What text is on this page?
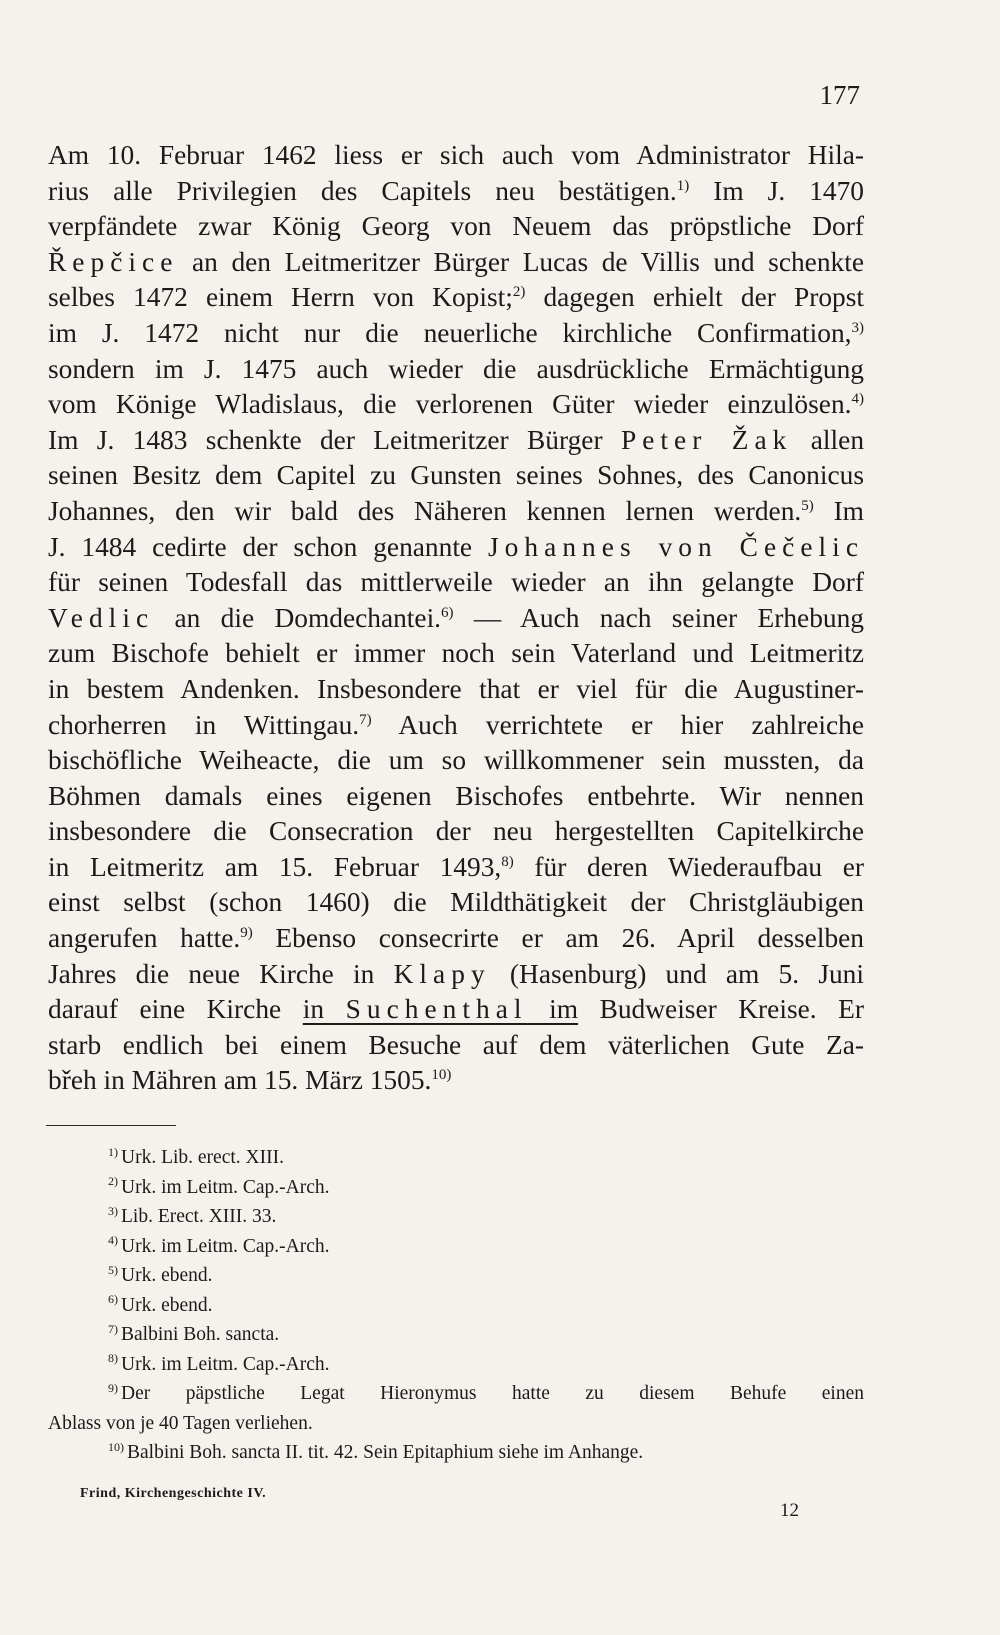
177
Am 10. Februar 1462 liess er sich auch vom Administrator Hila-
rius alle Privilegien des Capitels neu bestätigen.$^{1)}$ Im J. 1470
verpfändete zwar König Georg von Neuem das pröpstliche Dorf
Řepčice an den Leitmeritzer Bürger Lucas de Villis und schenkte
selbes 1472 einem Herrn von Kopist;$^{2)}$ dagegen erhielt der Propst
im J. 1472 nicht nur die neuerliche kirchliche Confirmation,$^{3)}$
sondern im J. 1475 auch wieder die ausdrückliche Ermächtigung
vom Könige Wladislaus, die verlorenen Güter wieder einzulösen.$^{4)}$
Im J. 1483 schenkte der Leitmeritzer Bürger Peter Žak allen
seinen Besitz dem Capitel zu Gunsten seines Sohnes, des Canonicus
Johannes, den wir bald des Näheren kennen lernen werden.$^{5)}$ Im
J. 1484 cedirte der schon genannte Johannes von Čečelic
für seinen Todesfall das mittlerweile wieder an ihn gelangte Dorf
Vedlic an die Domdechantei.$^{6)}$ — Auch nach seiner Erhebung
zum Bischofe behielt er immer noch sein Vaterland und Leitmeritz
in bestem Andenken. Insbesondere that er viel für die Augustiner-
chorherren in Wittingau.$^{7)}$ Auch verrichtete er hier zahlreiche
bischöfliche Weiheacte, die um so willkommener sein mussten, da
Böhmen damals eines eigenen Bischofes entbehrte. Wir nennen
insbesondere die Consecration der neu hergestellten Capitelkirche
in Leitmeritz am 15. Februar 1493,$^{8)}$ für deren Wiederaufbau er
einst selbst (schon 1460) die Mildthätigkeit der Christgläubigen
angerufen hatte.$^{9)}$ Ebenso consecrirte er am 26. April desselben
Jahres die neue Kirche in Klapy (Hasenburg) und am 5. Juni
darauf eine Kirche in Suchenthal im Budweiser Kreise. Er
starb endlich bei einem Besuche auf dem väterlichen Gute Za-
břeh in Mähren am 15. März 1505.$^{10)}$
$^{1)}$ Urk. Lib. erect. XIII.
$^{2)}$ Urk. im Leitm. Cap.-Arch.
$^{3)}$ Lib. Erect. XIII. 33.
$^{4)}$ Urk. im Leitm. Cap.-Arch.
$^{5)}$ Urk. ebend.
$^{6)}$ Urk. ebend.
$^{7)}$ Balbini Boh. sancta.
$^{8)}$ Urk. im Leitm. Cap.-Arch.
$^{9)}$ Der päpstliche Legat Hieronymus hatte zu diesem Behufe einen
Ablass von je 40 Tagen verliehen.
$^{10)}$ Balbini Boh. sancta II. tit. 42. Sein Epitaphium siehe im Anhange.
Frind, Kirchengeschichte IV.
12
